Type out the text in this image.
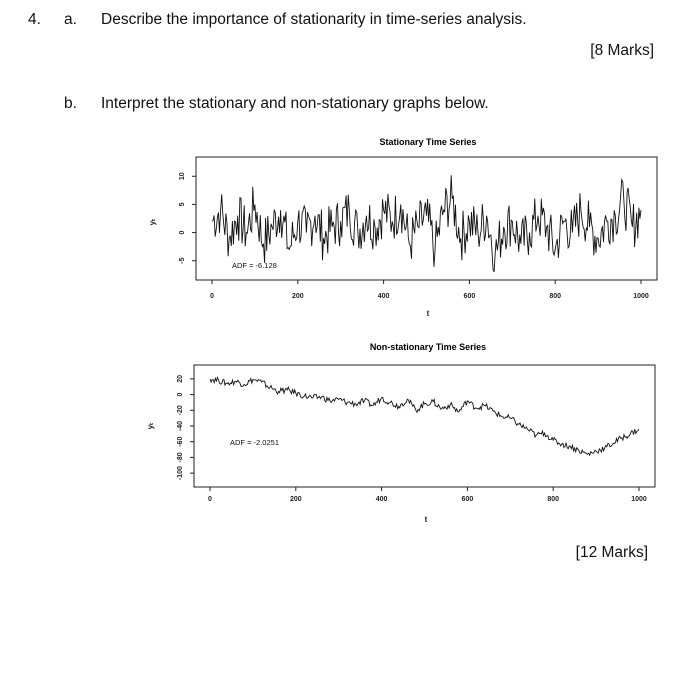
4. a. Describe the importance of stationarity in time-series analysis.
[8 Marks]
b. Interpret the stationary and non-stationary graphs below.
Stationary Time Series
-5
0
5
10
0	200	400	600	800	1000
yₜ
t
ADF = -6.128
Non-stationary Time Series
-100
-80
-60
-40
-20
0
20
0	200	400	600	800	1000
yₜ
t
ADF = -2.0251
[12 Marks]
